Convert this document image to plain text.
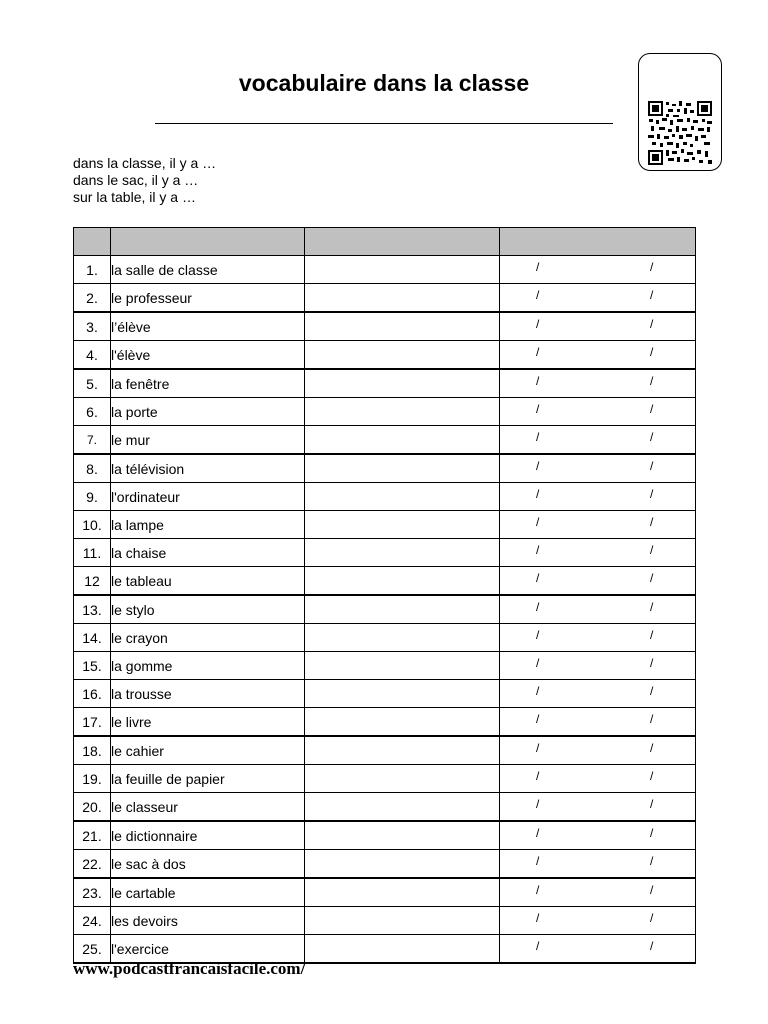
vocabulaire dans la classe
dans la classe, il y a …
dans le sac, il y a …
sur la table, il y a …

1.	la salle de classe		/ /

2.	le professeur		/ /

3.	l’élève		/ /

4.	l'élève		/ /

5.	la fenêtre		/ /

6.	la porte		/ /

7.	le mur		/ /

8.	la télévision		/ /

9.	l'ordinateur		/ /

10.	la lampe		/ /

11.	la chaise		/ /

12	le tableau		/ /

13.	le stylo		/ /

14.	le crayon		/ /

15.	la gomme		/ /

16.	la trousse		/ /

17.	le livre		/ /

18.	le cahier		/ /

19.	la feuille de papier		/ /

20.	le classeur		/ /

21.	le dictionnaire		/ /

22.	le sac à dos		/ /

23.	le cartable		/ /

24.	les devoirs		/ /

25.	l'exercice		/ /
www.podcastfrancaisfacile.com/
